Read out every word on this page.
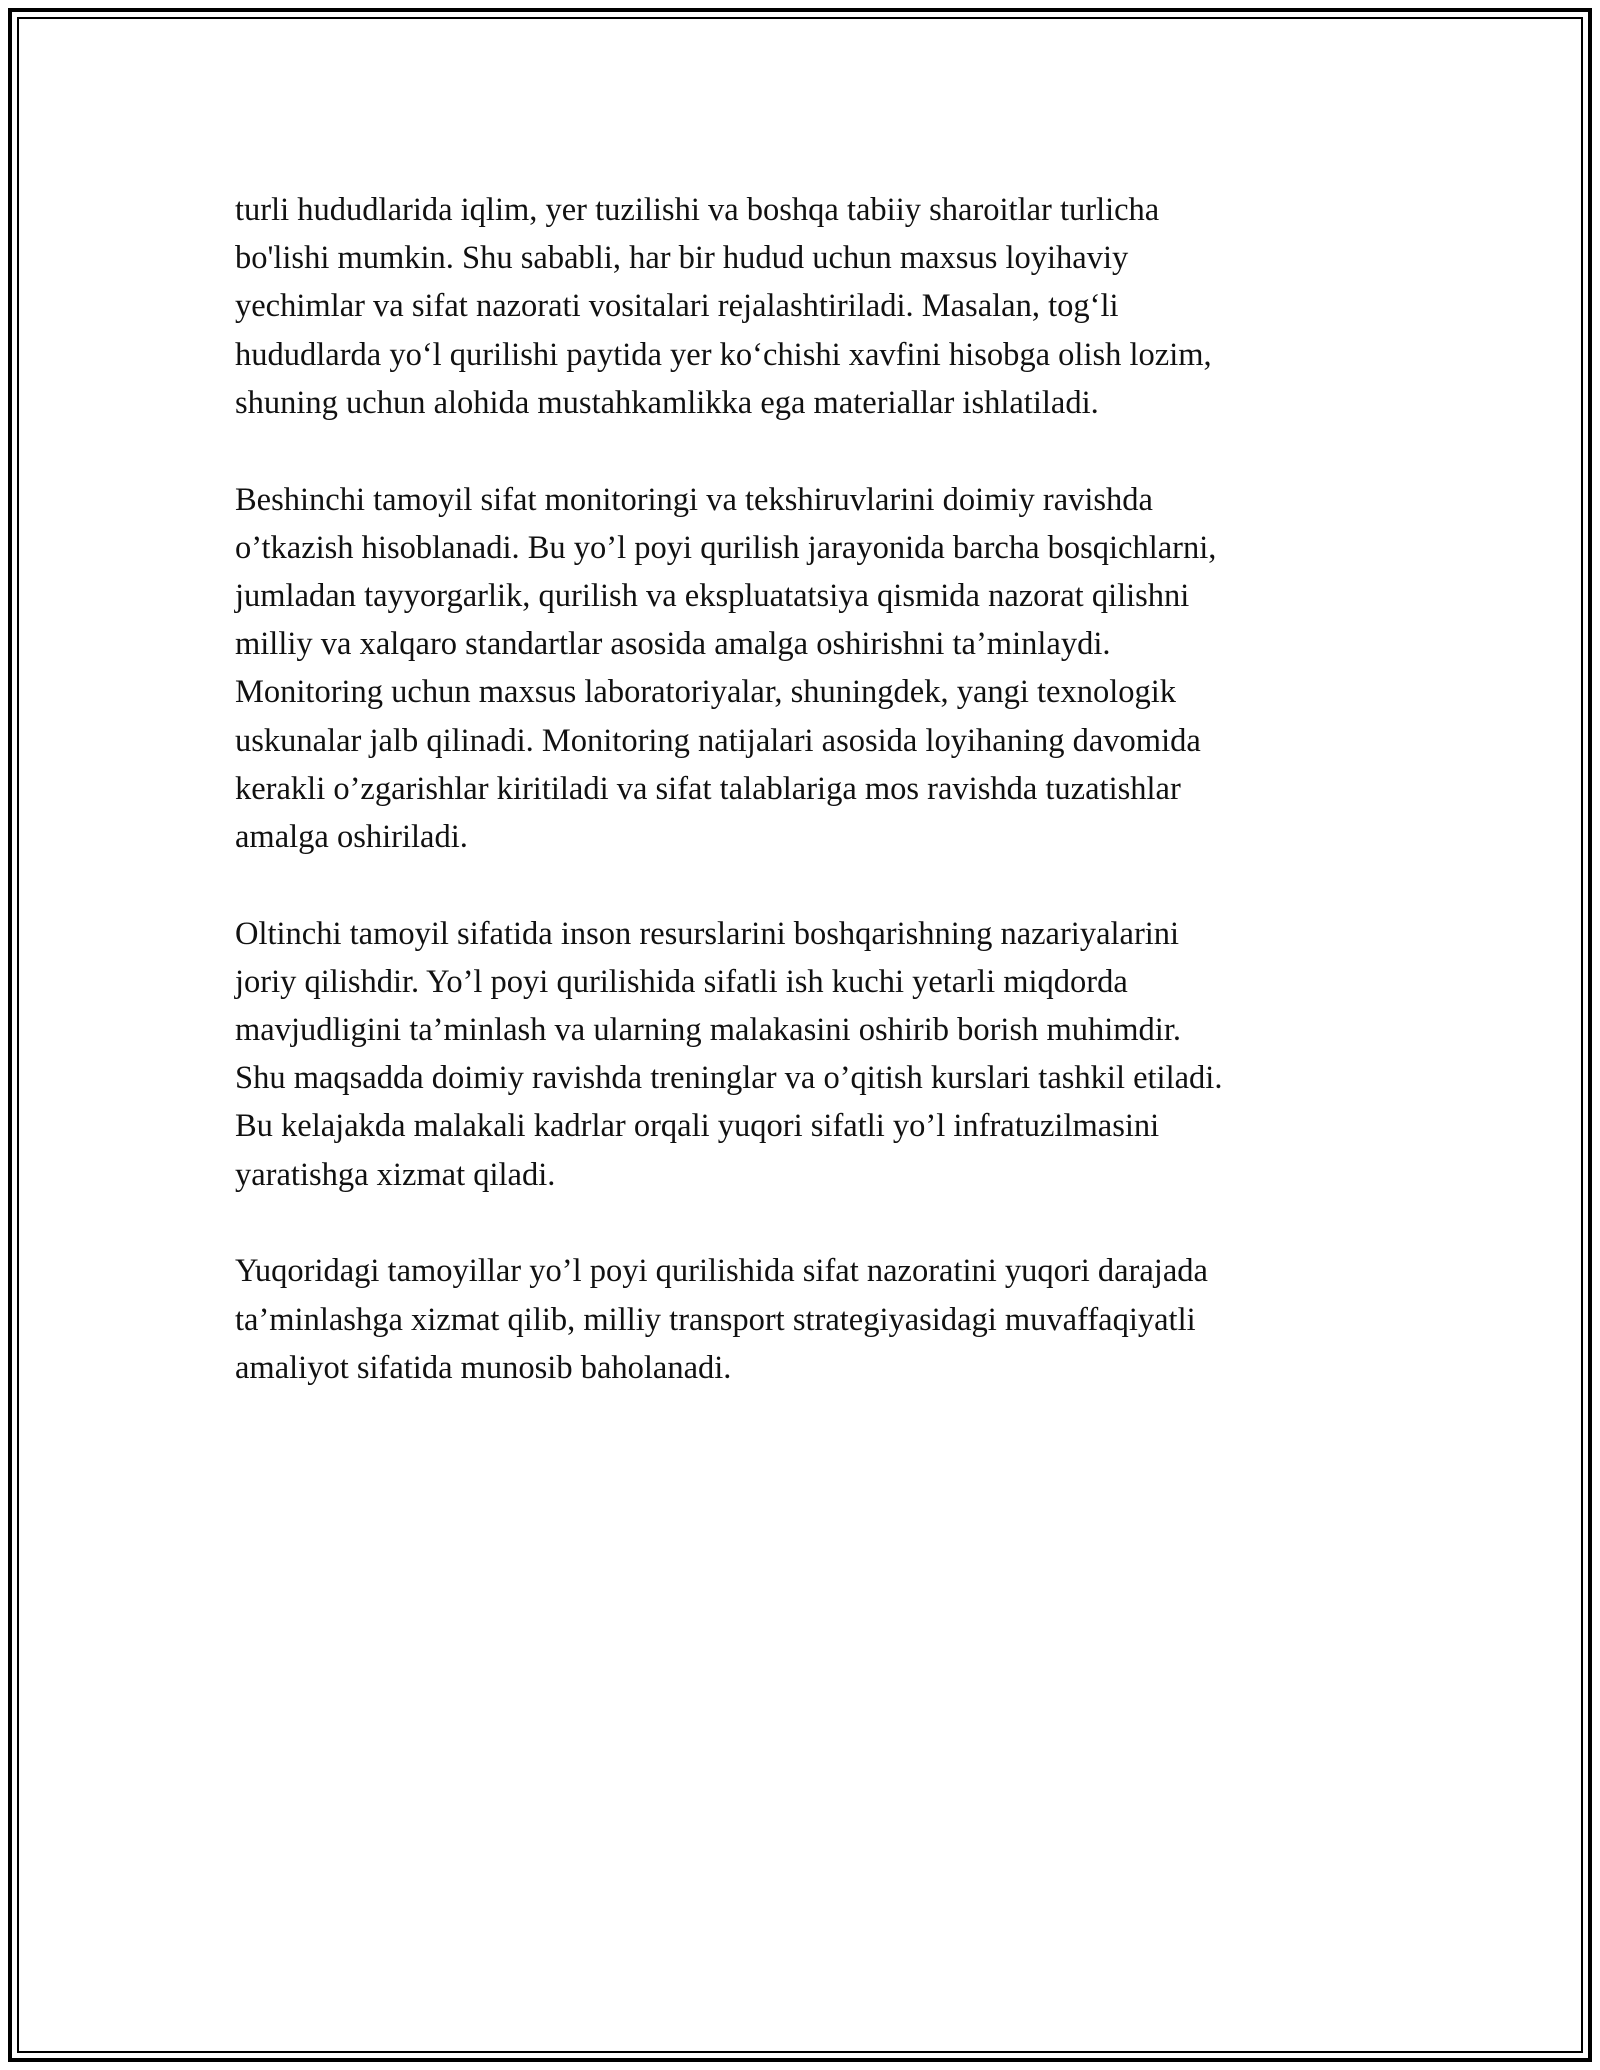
turli hududlarida iqlim, yer tuzilishi va boshqa tabiiy sharoitlar turlicha
bo'lishi mumkin. Shu sababli, har bir hudud uchun maxsus loyihaviy
yechimlar va sifat nazorati vositalari rejalashtiriladi. Masalan, tog‘li
hududlarda yo‘l qurilishi paytida yer ko‘chishi xavfini hisobga olish lozim,
shuning uchun alohida mustahkamlikka ega materiallar ishlatiladi.

Beshinchi tamoyil sifat monitoringi va tekshiruvlarini doimiy ravishda
o’tkazish hisoblanadi. Bu yo’l poyi qurilish jarayonida barcha bosqichlarni,
jumladan tayyorgarlik, qurilish va ekspluatatsiya qismida nazorat qilishni
milliy va xalqaro standartlar asosida amalga oshirishni ta’minlaydi.
Monitoring uchun maxsus laboratoriyalar, shuningdek, yangi texnologik
uskunalar jalb qilinadi. Monitoring natijalari asosida loyihaning davomida
kerakli o’zgarishlar kiritiladi va sifat talablariga mos ravishda tuzatishlar
amalga oshiriladi.

Oltinchi tamoyil sifatida inson resurslarini boshqarishning nazariyalarini
joriy qilishdir. Yo’l poyi qurilishida sifatli ish kuchi yetarli miqdorda
mavjudligini ta’minlash va ularning malakasini oshirib borish muhimdir.
Shu maqsadda doimiy ravishda treninglar va o’qitish kurslari tashkil etiladi.
Bu kelajakda malakali kadrlar orqali yuqori sifatli yo’l infratuzilmasini
yaratishga xizmat qiladi.

Yuqoridagi tamoyillar yo’l poyi qurilishida sifat nazoratini yuqori darajada
ta’minlashga xizmat qilib, milliy transport strategiyasidagi muvaffaqiyatli
amaliyot sifatida munosib baholanadi.
